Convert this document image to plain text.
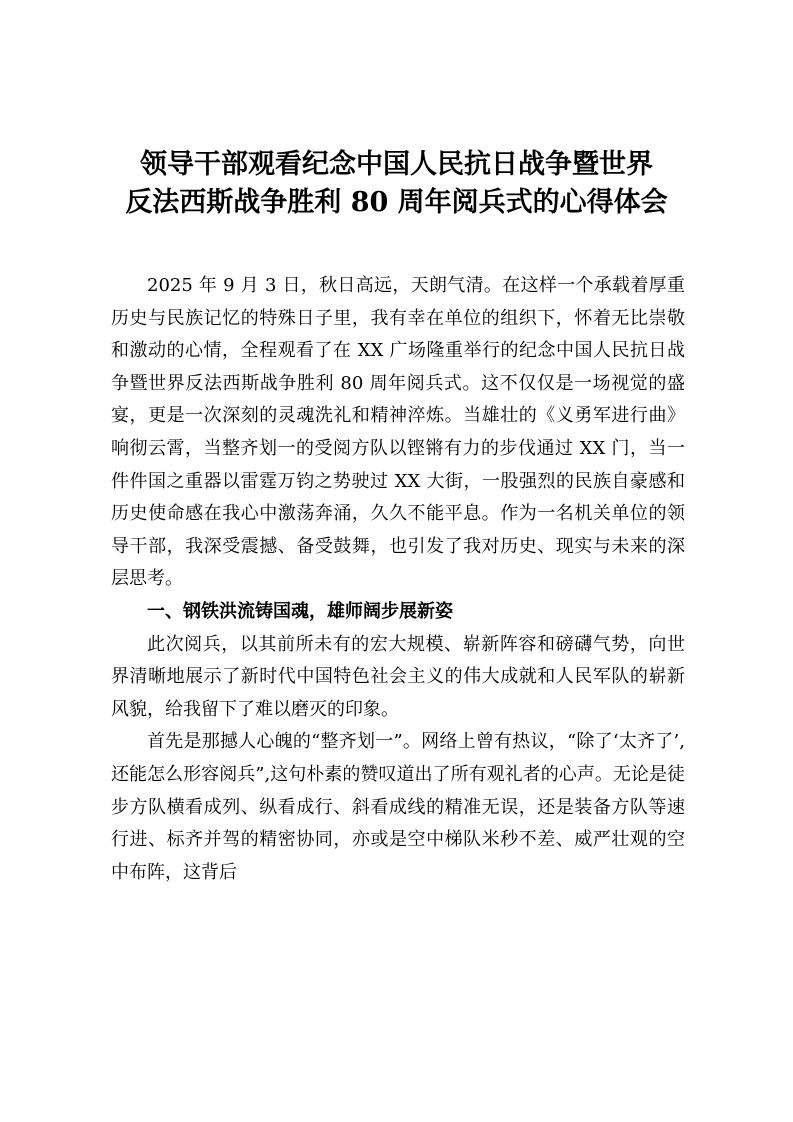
领导干部观看纪念中国人民抗日战争暨世界
反法西斯战争胜利 80 周年阅兵式的心得体会

2025 年 9 月 3 日，秋日高远，天朗气清。在这样一个承载着厚重历史与民族记忆的特殊日子里，我有幸在单位的组织下，怀着无比崇敬和激动的心情，全程观看了在 XX 广场隆重举行的纪念中国人民抗日战争暨世界反法西斯战争胜利 80 周年阅兵式。这不仅仅是一场视觉的盛宴，更是一次深刻的灵魂洗礼和精神淬炼。当雄壮的《义勇军进行曲》响彻云霄，当整齐划一的受阅方队以铿锵有力的步伐通过 XX 门，当一件件国之重器以雷霆万钧之势驶过 XX 大街，一股强烈的民族自豪感和历史使命感在我心中激荡奔涌，久久不能平息。作为一名机关单位的领导干部，我深受震撼、备受鼓舞，也引发了我对历史、现实与未来的深层思考。

一、钢铁洪流铸国魂，雄师阔步展新姿

此次阅兵，以其前所未有的宏大规模、崭新阵容和磅礴气势，向世界清晰地展示了新时代中国特色社会主义的伟大成就和人民军队的崭新风貌，给我留下了难以磨灭的印象。

首先是那撼人心魄的“整齐划一”。网络上曾有热议，“除了‘太齐了’,还能怎么形容阅兵”,这句朴素的赞叹道出了所有观礼者的心声。无论是徒步方队横看成列、纵看成行、斜看成线的精准无误，还是装备方队等速行进、标齐并驾的精密协同，亦或是空中梯队米秒不差、威严壮观的空中布阵，这背后
